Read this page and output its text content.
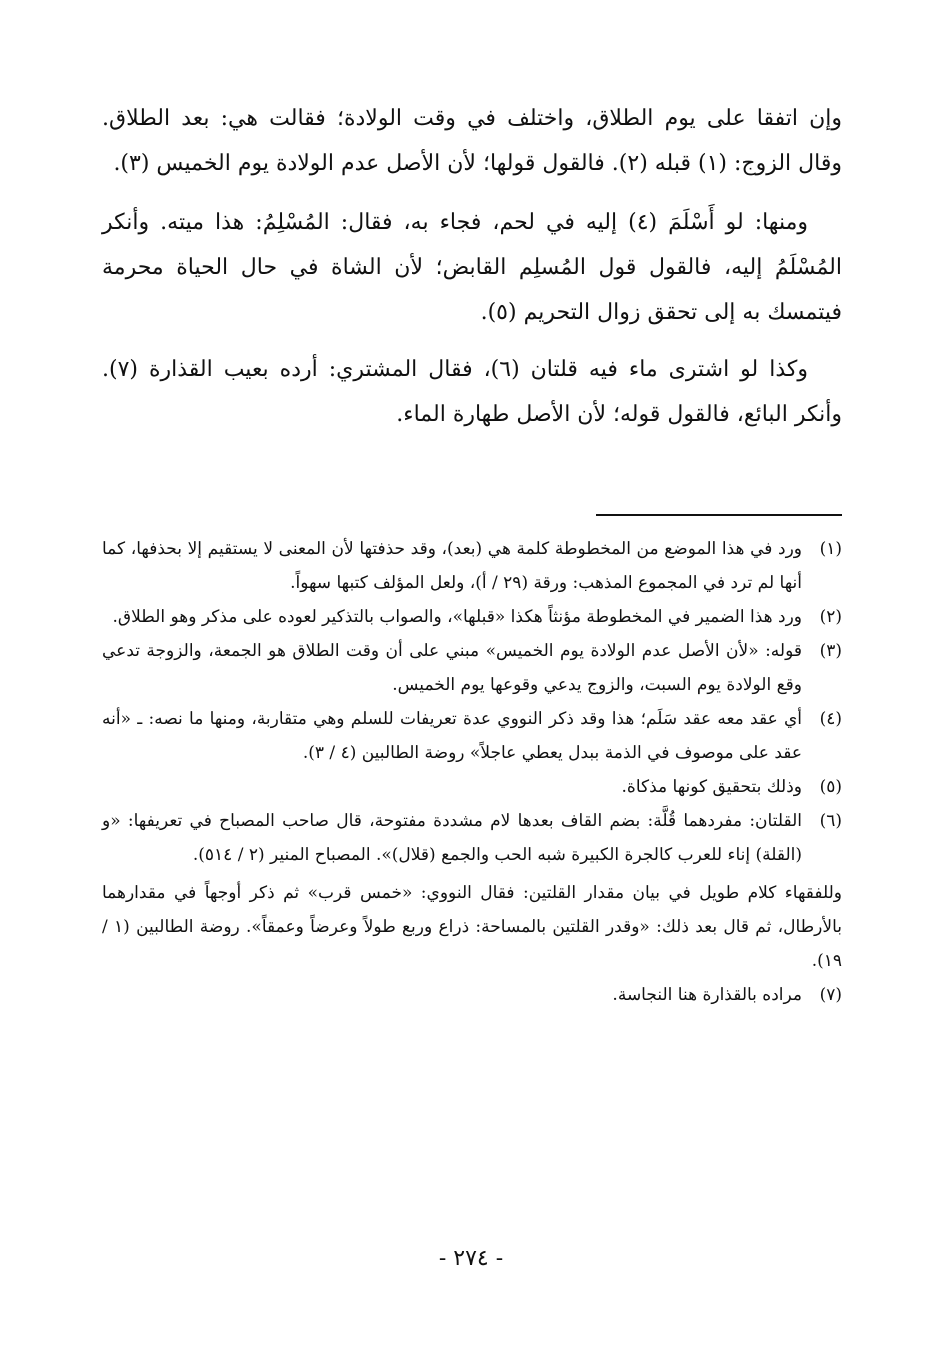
وإن اتفقا على يوم الطلاق، واختلف في وقت الولادة؛ فقالت هي: بعد الطلاق. وقال الزوج: (١) قبله (٢). فالقول قولها؛ لأن الأصل عدم الولادة يوم الخميس (٣).

ومنها: لو أَسْلَمَ (٤) إليه في لحم، فجاء به، فقال: المُسْلِمُ: هذا ميته. وأنكر المُسْلَمُ إليه، فالقول قول المُسلِم القابض؛ لأن الشاة في حال الحياة محرمة فيتمسك به إلى تحقق زوال التحريم (٥).

وكذا لو اشترى ماء فيه قلتان (٦)، فقال المشتري: أرده بعيب القذارة (٧). وأنكر البائع، فالقول قوله؛ لأن الأصل طهارة الماء.

(١)
ورد في هذا الموضع من المخطوطة كلمة هي (بعد)، وقد حذفتها لأن المعنى لا يستقيم إلا بحذفها، كما أنها لم ترد في المجموع المذهب: ورقة (٢٩ / أ)، ولعل المؤلف كتبها سهواً.
(٢)
ورد هذا الضمير في المخطوطة مؤنثاً هكذا «قبلها»، والصواب بالتذكير لعوده على مذكر وهو الطلاق.
(٣)
قوله: «لأن الأصل عدم الولادة يوم الخميس» مبني على أن وقت الطلاق هو الجمعة، والزوجة تدعي وقع الولادة يوم السبت، والزوج يدعي وقوعها يوم الخميس.
(٤)
أي عقد معه عقد سَلَم؛ هذا وقد ذكر النووي عدة تعريفات للسلم وهي متقاربة، ومنها ما نصه: ـ «أنه عقد على موصوف في الذمة ببدل يعطي عاجلاً» روضة الطالبين (٤ / ٣).
(٥)
وذلك بتحقيق كونها مذكاة.
(٦)
القلتان: مفردهما قُلَّة: بضم القاف بعدها لام مشددة مفتوحة، قال صاحب المصباح في تعريفها: «و (القلة) إناء للعرب كالجرة الكبيرة شبه الحب والجمع (قلال)». المصباح المنير (٢ / ٥١٤).

وللفقهاء كلام طويل في بيان مقدار القلتين: فقال النووي: «خمس قرب» ثم ذكر أوجهاً في مقدارهما بالأرطال، ثم قال بعد ذلك: «وقدر القلتين بالمساحة: ذراع وربع طولاً وعرضاً وعمقاً». روضة الطالبين (١ / ١٩).

(٧)
مراده بالقذارة هنا النجاسة.
- ٢٧٤ -
